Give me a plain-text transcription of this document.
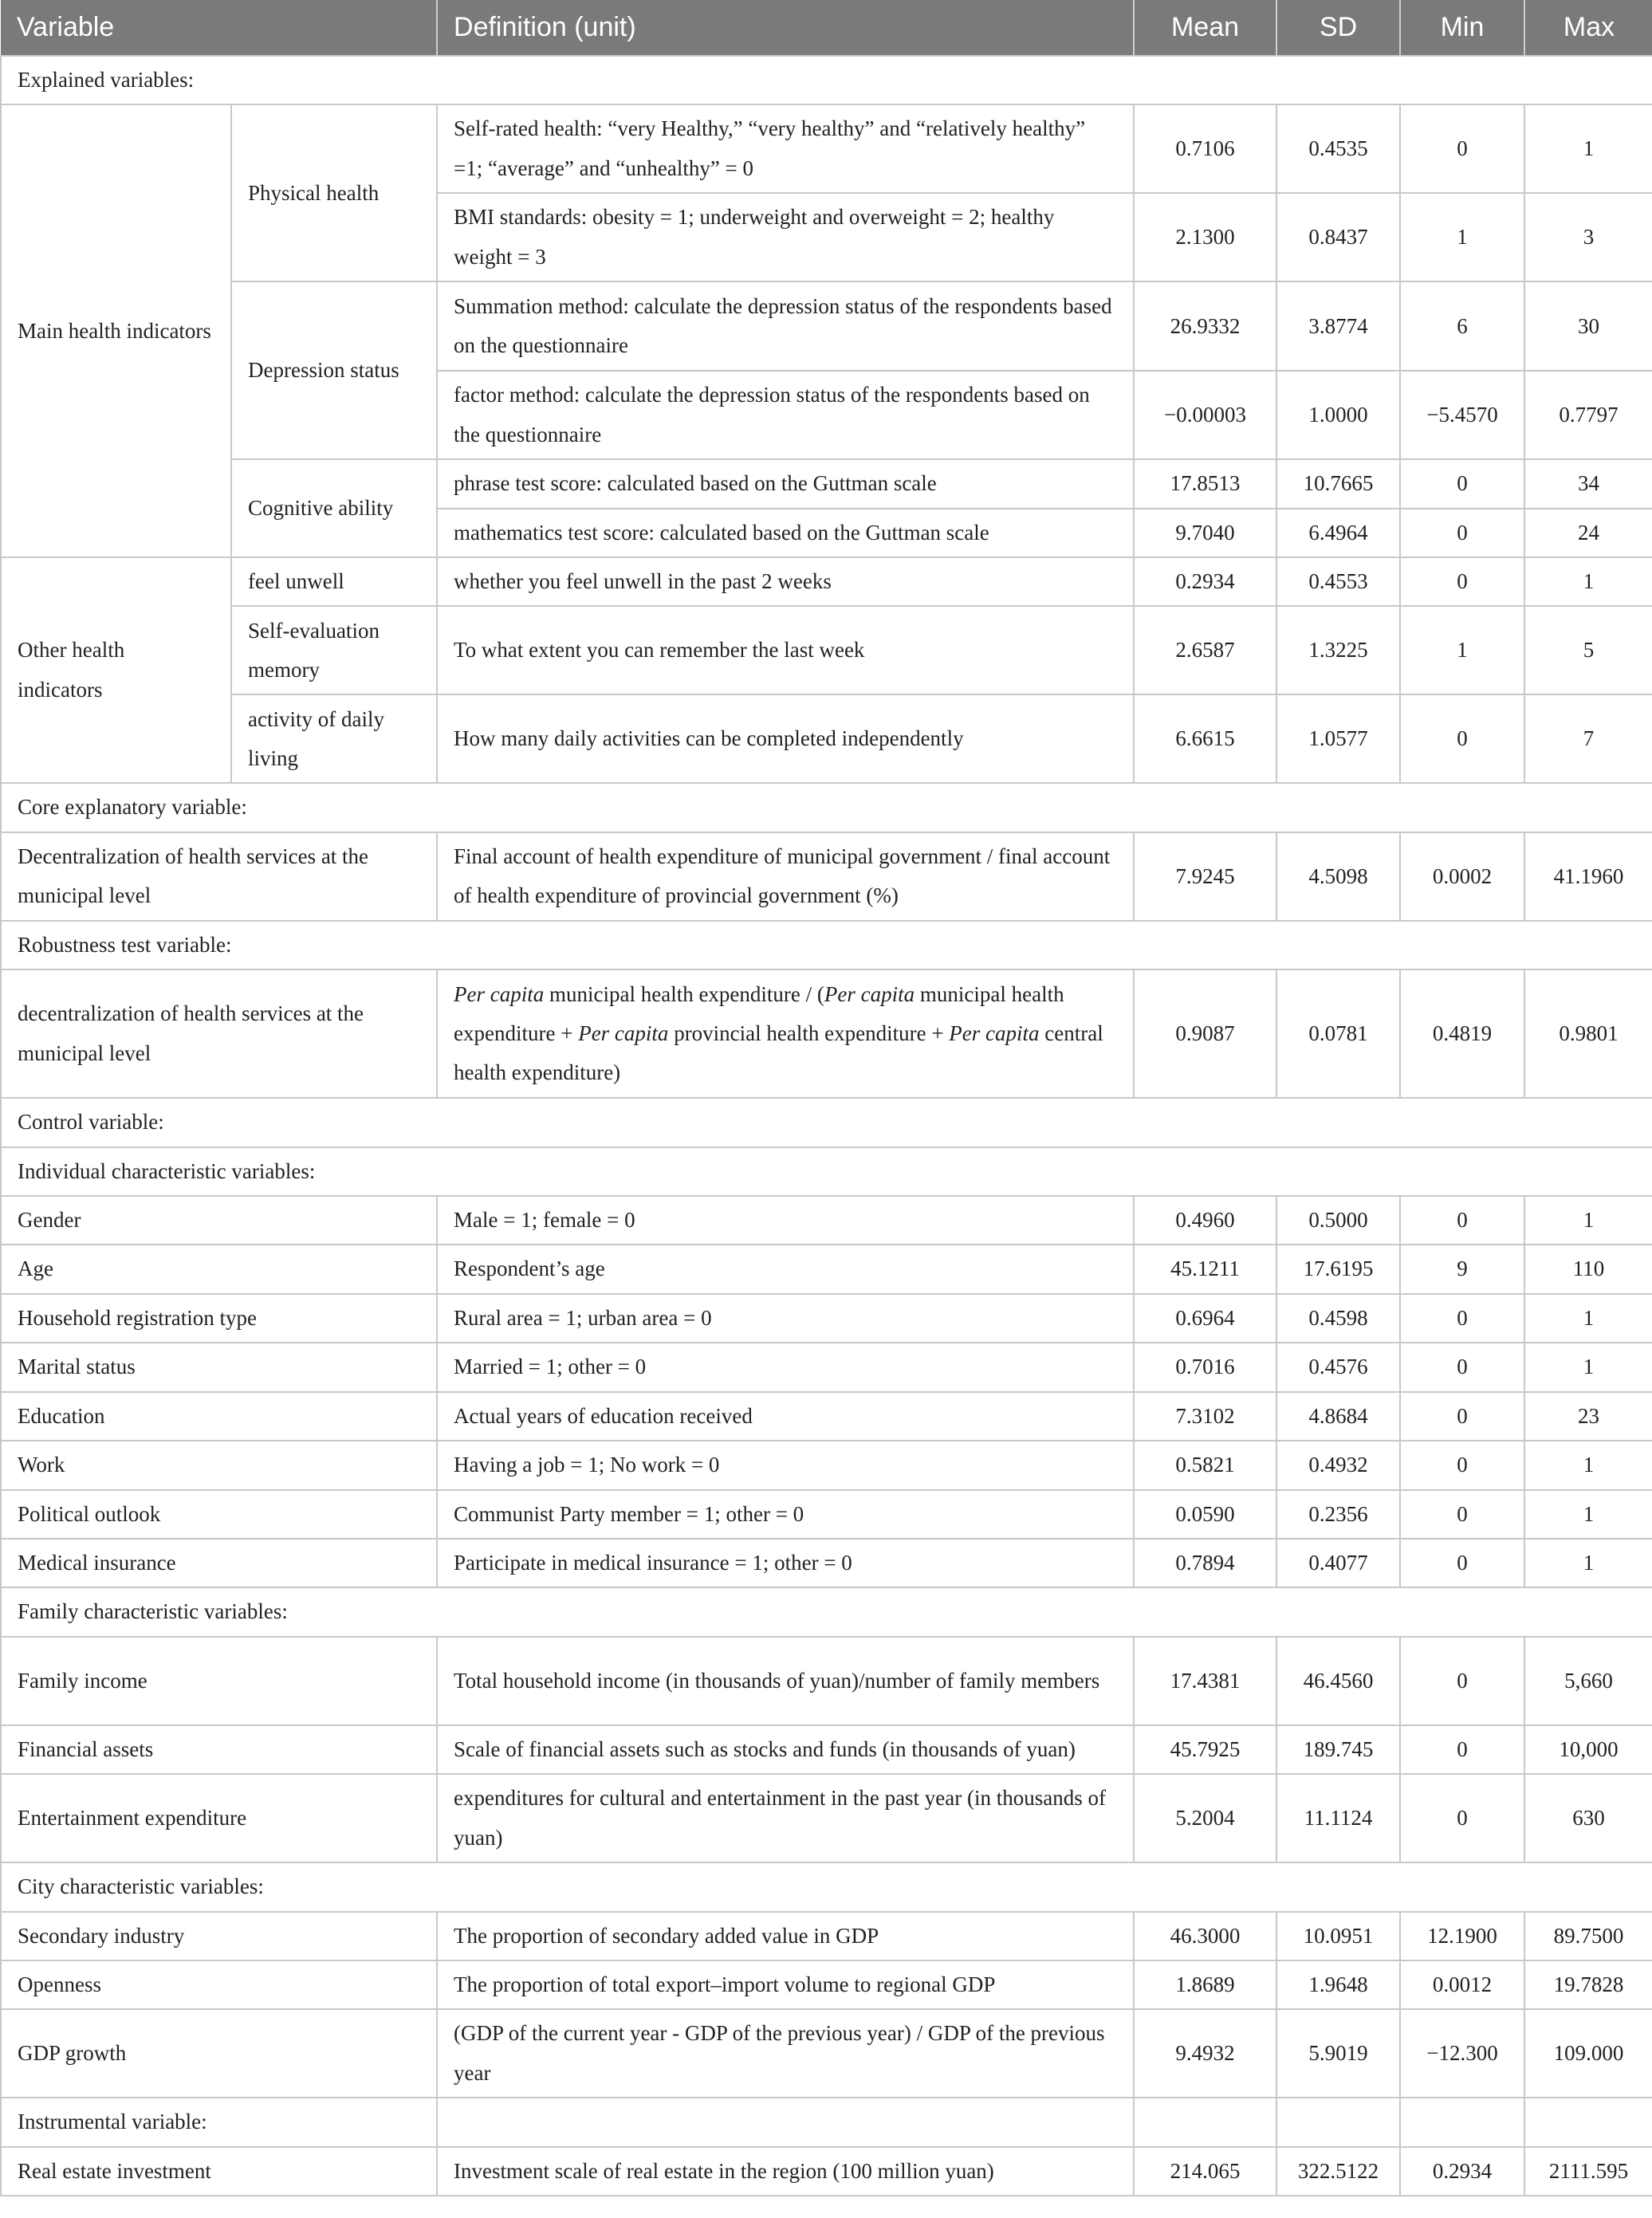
Variable		Definition (unit)	Mean	SD	Min	Max
Explained variables:						
Main health indicators	Physical health	Self-rated health: “very Healthy,” “very healthy” and “relatively healthy” =1; “average” and “unhealthy” = 0	0.7106	0.4535	0	1
		BMI standards: obesity = 1; underweight and overweight = 2; healthy weight = 3	2.1300	0.8437	1	3
	Depression status	Summation method: calculate the depression status of the respondents based on the questionnaire	26.9332	3.8774	6	30
		factor method: calculate the depression status of the respondents based on the questionnaire	−0.00003	1.0000	−5.4570	0.7797
	Cognitive ability	phrase test score: calculated based on the Guttman scale	17.8513	10.7665	0	34
		mathematics test score: calculated based on the Guttman scale	9.7040	6.4964	0	24
Other health indicators	feel unwell	whether you feel unwell in the past 2 weeks	0.2934	0.4553	0	1
	Self-evaluation memory	To what extent you can remember the last week	2.6587	1.3225	1	5
	activity of daily living	How many daily activities can be completed independently	6.6615	1.0577	0	7
Core explanatory variable:						
Decentralization of health services at the municipal level		Final account of health expenditure of municipal government / final account of health expenditure of provincial government (%)	7.9245	4.5098	0.0002	41.1960
Robustness test variable:						
decentralization of health services at the municipal level		Per capita municipal health expenditure / (Per capita municipal health expenditure + Per capita provincial health expenditure + Per capita central health expenditure)	0.9087	0.0781	0.4819	0.9801
Control variable:						
Individual characteristic variables:						
Gender		Male = 1; female = 0	0.4960	0.5000	0	1
Age		Respondent’s age	45.1211	17.6195	9	110
Household registration type		Rural area = 1; urban area = 0	0.6964	0.4598	0	1
Marital status		Married = 1; other = 0	0.7016	0.4576	0	1
Education		Actual years of education received	7.3102	4.8684	0	23
Work		Having a job = 1; No work = 0	0.5821	0.4932	0	1
Political outlook		Communist Party member = 1; other = 0	0.0590	0.2356	0	1
Medical insurance		Participate in medical insurance = 1; other = 0	0.7894	0.4077	0	1
Family characteristic variables:						
Family income		Total household income (in thousands of yuan)/number of family members	17.4381	46.4560	0	5,660
Financial assets		Scale of financial assets such as stocks and funds (in thousands of yuan)	45.7925	189.745	0	10,000
Entertainment expenditure		expenditures for cultural and entertainment in the past year (in thousands of yuan)	5.2004	11.1124	0	630
City characteristic variables:						
Secondary industry		The proportion of secondary added value in GDP	46.3000	10.0951	12.1900	89.7500
Openness		The proportion of total export–import volume to regional GDP	1.8689	1.9648	0.0012	19.7828
GDP growth		(GDP of the current year - GDP of the previous year) / GDP of the previous year	9.4932	5.9019	−12.300	109.000
Instrumental variable:						
Real estate investment		Investment scale of real estate in the region (100 million yuan)	214.065	322.5122	0.2934	2111.595
